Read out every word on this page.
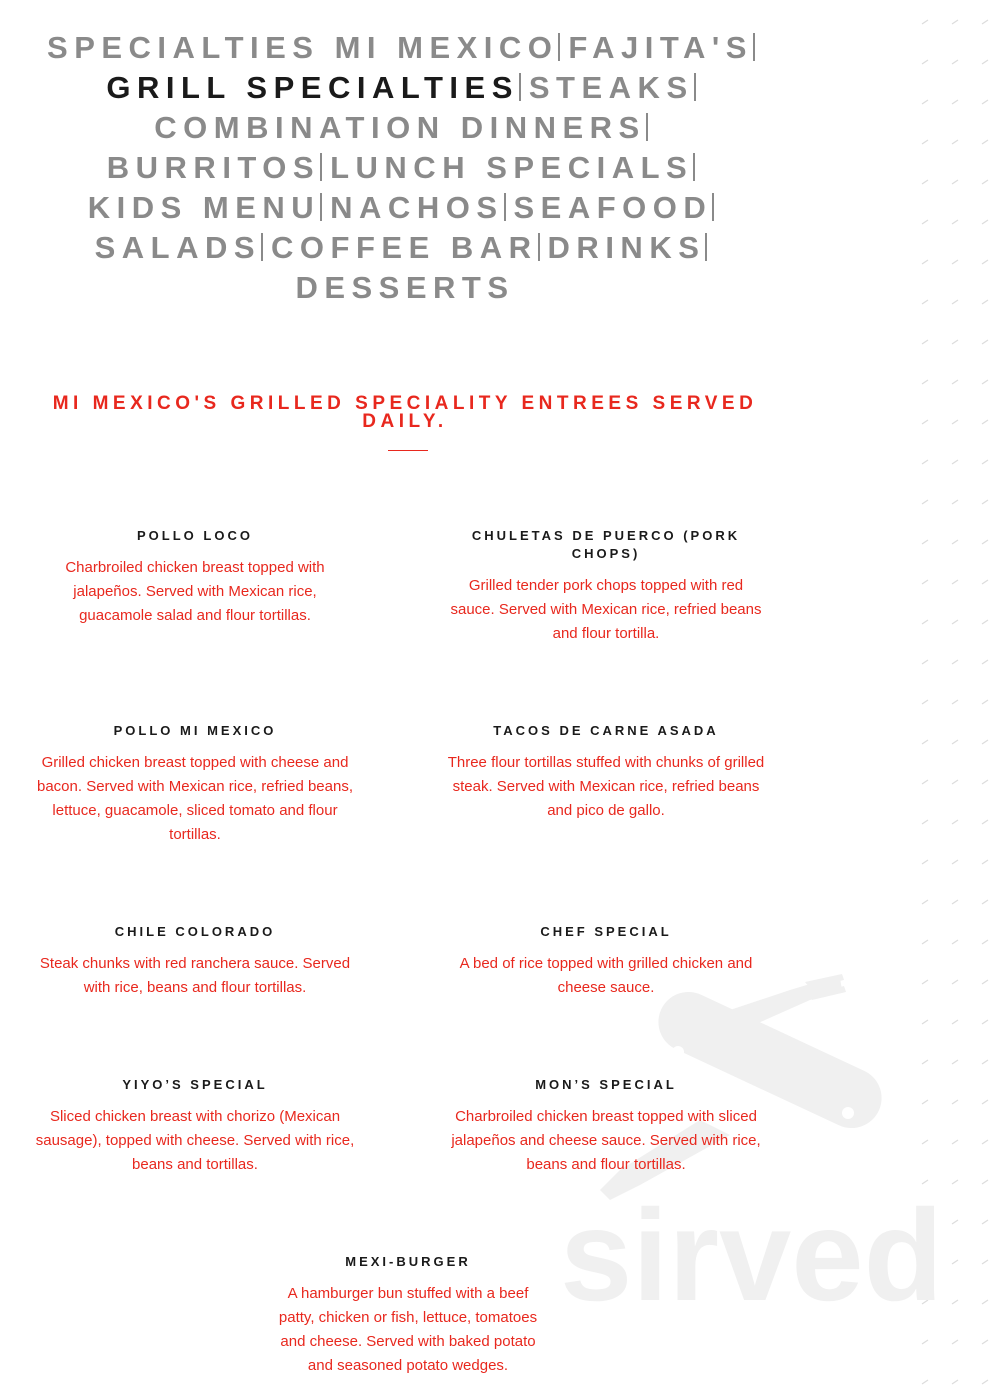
sirved
SPECIALTIES MI MEXICO FAJITA'S
GRILL SPECIALTIES STEAKS
COMBINATION DINNERS
BURRITOS LUNCH SPECIALS
KIDS MENU NACHOS SEAFOOD
SALADS COFFEE BAR DRINKS
DESSERTS
MI MEXICO'S GRILLED SPECIALITY ENTREES SERVED DAILY.
POLLO LOCO

Charbroiled chicken breast topped with jalapeños. Served with Mexican rice, guacamole salad and flour tortillas.

CHULETAS DE PUERCO (PORK CHOPS)

Grilled tender pork chops topped with red sauce. Served with Mexican rice, refried beans and flour tortilla.

POLLO MI MEXICO

Grilled chicken breast topped with cheese and bacon. Served with Mexican rice, refried beans, lettuce, guacamole, sliced tomato and flour tortillas.

TACOS DE CARNE ASADA

Three flour tortillas stuffed with chunks of grilled steak. Served with Mexican rice, refried beans and pico de gallo.

CHILE COLORADO

Steak chunks with red ranchera sauce. Served with rice, beans and flour tortillas.

CHEF SPECIAL

A bed of rice topped with grilled chicken and cheese sauce.

YIYO’S SPECIAL

Sliced chicken breast with chorizo (Mexican sausage), topped with cheese. Served with rice, beans and tortillas.

MON’S SPECIAL

Charbroiled chicken breast topped with sliced jalapeños and cheese sauce. Served with rice, beans and flour tortillas.

MEXI-BURGER

A hamburger bun stuffed with a beef patty, chicken or fish, lettuce, tomatoes and cheese. Served with baked potato and seasoned potato wedges.
